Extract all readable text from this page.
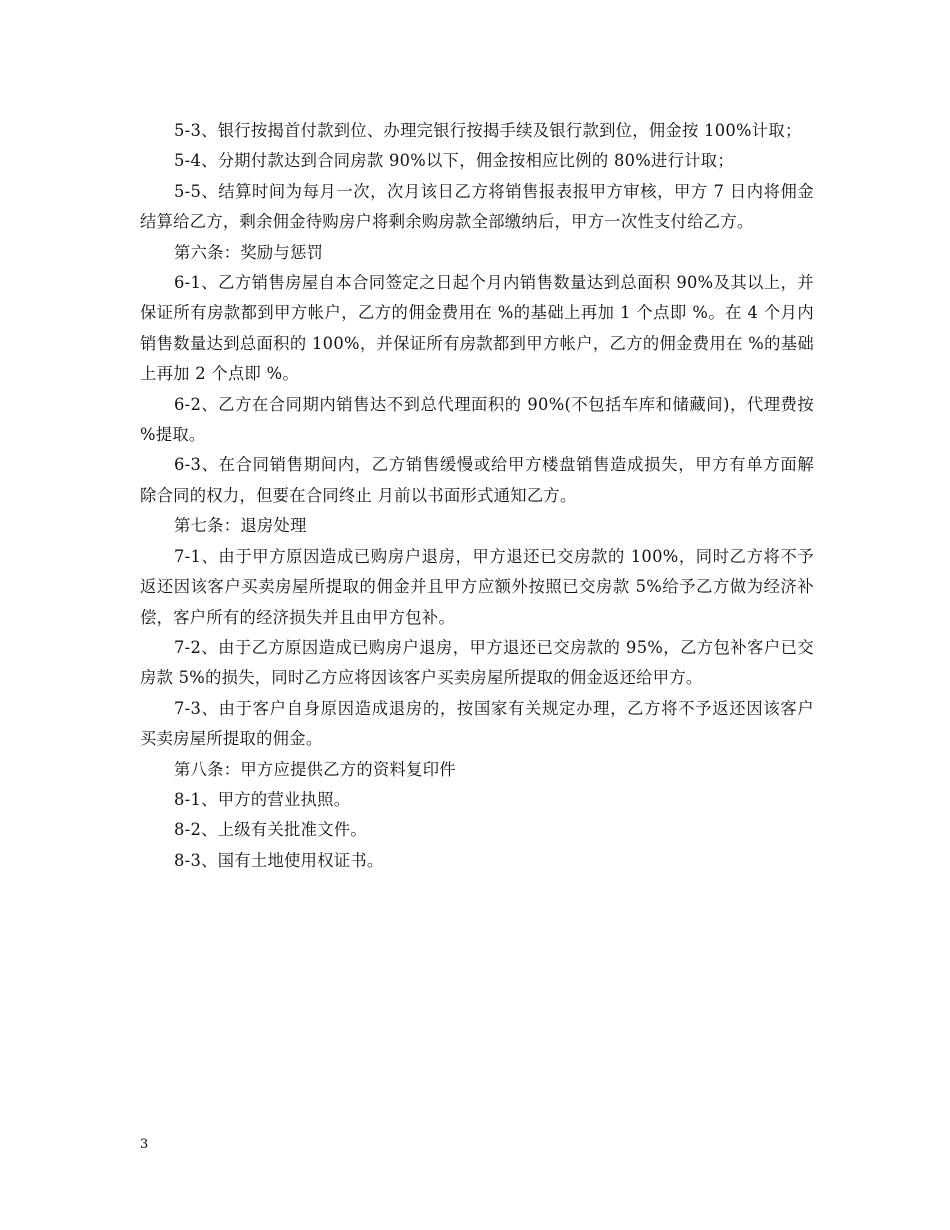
5-3、银行按揭首付款到位、办理完银行按揭手续及银行款到位，佣金按 100%计取；

5-4、分期付款达到合同房款 90%以下，佣金按相应比例的 80%进行计取；

5-5、结算时间为每月一次，次月该日乙方将销售报表报甲方审核，甲方 7 日内将佣金结算给乙方，剩余佣金待购房户将剩余购房款全部缴纳后，甲方一次性支付给乙方。

第六条：奖励与惩罚

6-1、乙方销售房屋自本合同签定之日起个月内销售数量达到总面积 90%及其以上，并保证所有房款都到甲方帐户，乙方的佣金费用在 %的基础上再加 1 个点即 %。在 4 个月内销售数量达到总面积的 100%，并保证所有房款都到甲方帐户，乙方的佣金费用在 %的基础上再加 2 个点即 %。

6-2、乙方在合同期内销售达不到总代理面积的 90%(不包括车库和储藏间)，代理费按 %提取。

6-3、在合同销售期间内，乙方销售缓慢或给甲方楼盘销售造成损失，甲方有单方面解除合同的权力，但要在合同终止 月前以书面形式通知乙方。

第七条：退房处理

7-1、由于甲方原因造成已购房户退房，甲方退还已交房款的 100%，同时乙方将不予返还因该客户买卖房屋所提取的佣金并且甲方应额外按照已交房款 5%给予乙方做为经济补偿，客户所有的经济损失并且由甲方包补。

7-2、由于乙方原因造成已购房户退房，甲方退还已交房款的 95%，乙方包补客户已交房款 5%的损失，同时乙方应将因该客户买卖房屋所提取的佣金返还给甲方。

7-3、由于客户自身原因造成退房的，按国家有关规定办理，乙方将不予返还因该客户买卖房屋所提取的佣金。

第八条：甲方应提供乙方的资料复印件

8-1、甲方的营业执照。

8-2、上级有关批准文件。

8-3、国有土地使用权证书。

3
